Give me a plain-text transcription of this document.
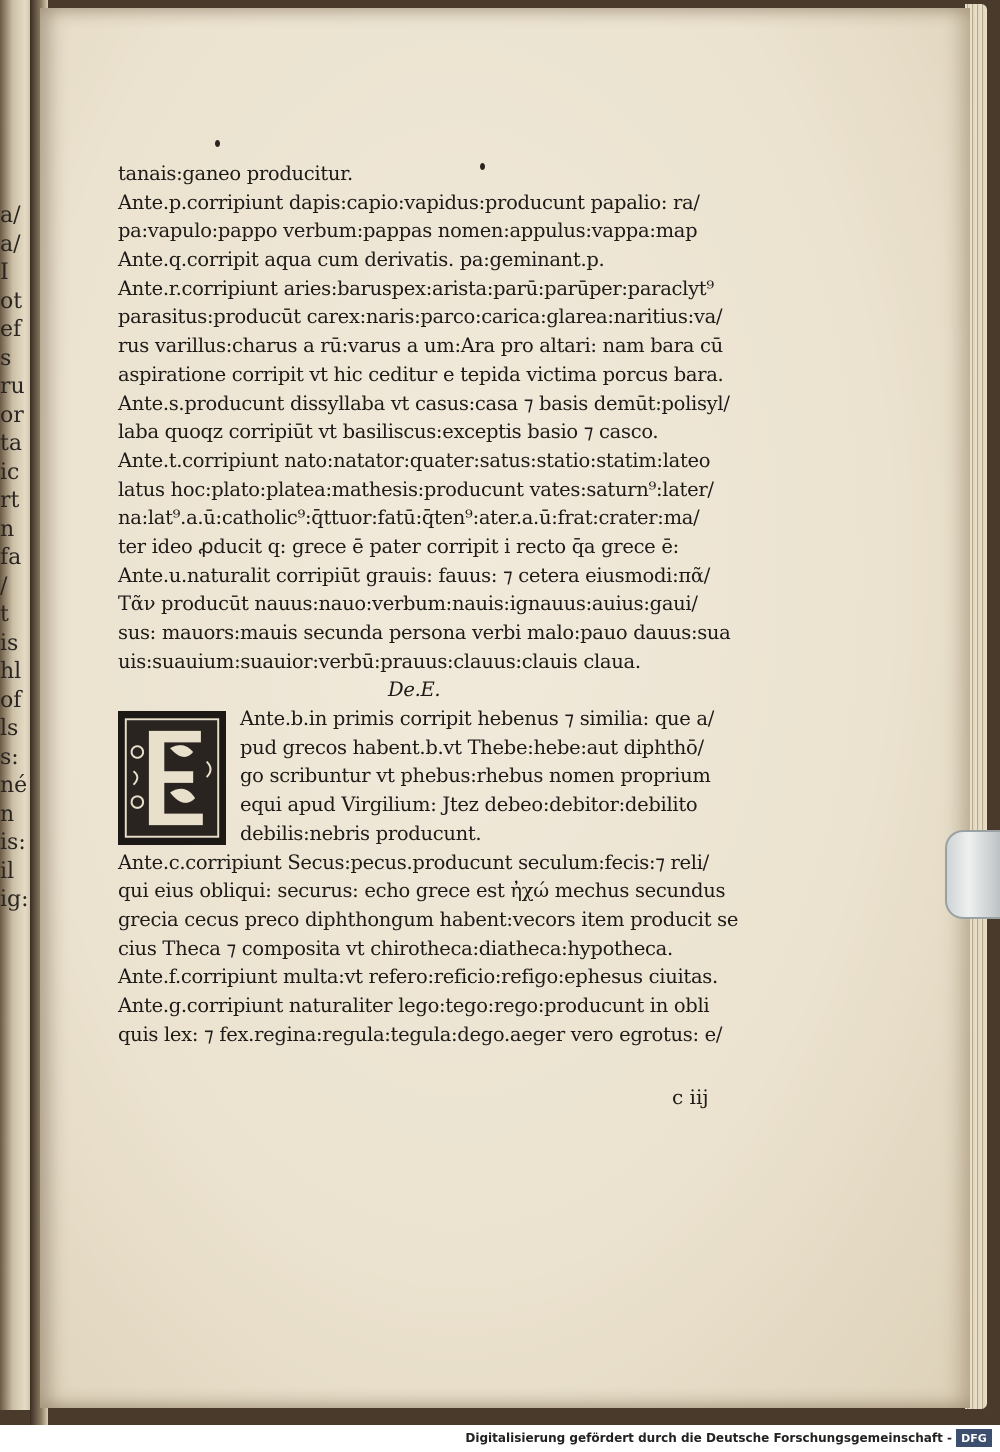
a/
a/
I
ot
ef
s
ru
or
ta
ic
rt
n
fa
/
t
is
hl
of
ls
s:
né
n
is:
il
ig:
tanais:ganeo producitur.
Ante.p.corripiunt dapis:capio:vapidus:producunt papalio: ra/
pa:vapulo:pappo verbum:pappas nomen:appulus:vappa:map
Ante.q.corripit aqua cum derivatis. pa:geminant.p.
Ante.r.corripiunt aries:baruspex:arista:parū:parūper:paraclyt⁹
parasitus:producūt carex:naris:parco:carica:glarea:naritius:va/
rus varillus:charus a rū:varus a um:Ara pro altari: nam bara cū
aspiratione corripit vt hic ceditur e tepida victima porcus bara.
Ante.s.producunt dissyllaba vt casus:casa ⁊ basis demūt:polisyl/
laba quoqz corripiūt vt basiliscus:exceptis basio ⁊ casco.
Ante.t.corripiunt nato:natator:quater:satus:statio:statim:lateo
latus hoc:plato:platea:mathesis:producunt vates:saturn⁹:later/
na:lat⁹.a.ū:catholic⁹:q̄ttuor:fatū:q̄ten⁹:ater.a.ū:frat:crater:ma/
ter ideo ꝓducit q: grece ē pater corripit i recto q̄a grece ē:
Ante.u.naturalit corripiūt grauis: fauus: ⁊ cetera eiusmodi:πᾶ/
Τᾶν producūt nauus:nauo:verbum:nauis:ignauus:auius:gaui/
sus: mauors:mauis secunda persona verbi malo:pauo dauus:sua
uis:suauium:suauior:verbū:prauus:clauus:clauis claua.
De.E.
Ante.b.in primis corripit hebenus ⁊ similia: que a/
pud grecos habent.b.vt Thebe:hebe:aut diphthō/
go scribuntur vt phebus:rhebus nomen proprium
equi apud Virgilium: Jtez debeo:debitor:debilito
debilis:nebris producunt.
Ante.c.corripiunt Secus:pecus.producunt seculum:fecis:⁊ reli/
qui eius obliqui: securus: echo grece est ἠχώ mechus secundus
grecia cecus preco diphthongum habent:vecors item producit se
cius Theca ⁊ composita vt chirotheca:diatheca:hypotheca.
Ante.f.corripiunt multa:vt refero:reficio:refigo:ephesus ciuitas.
Ante.g.corripiunt naturaliter lego:tego:rego:producunt in obli
quis lex: ⁊ fex.regina:regula:tegula:dego.aeger vero egrotus: e/
c iij
Digitalisierung gefördert durch die Deutsche Forschungsgemeinschaft - DFG
